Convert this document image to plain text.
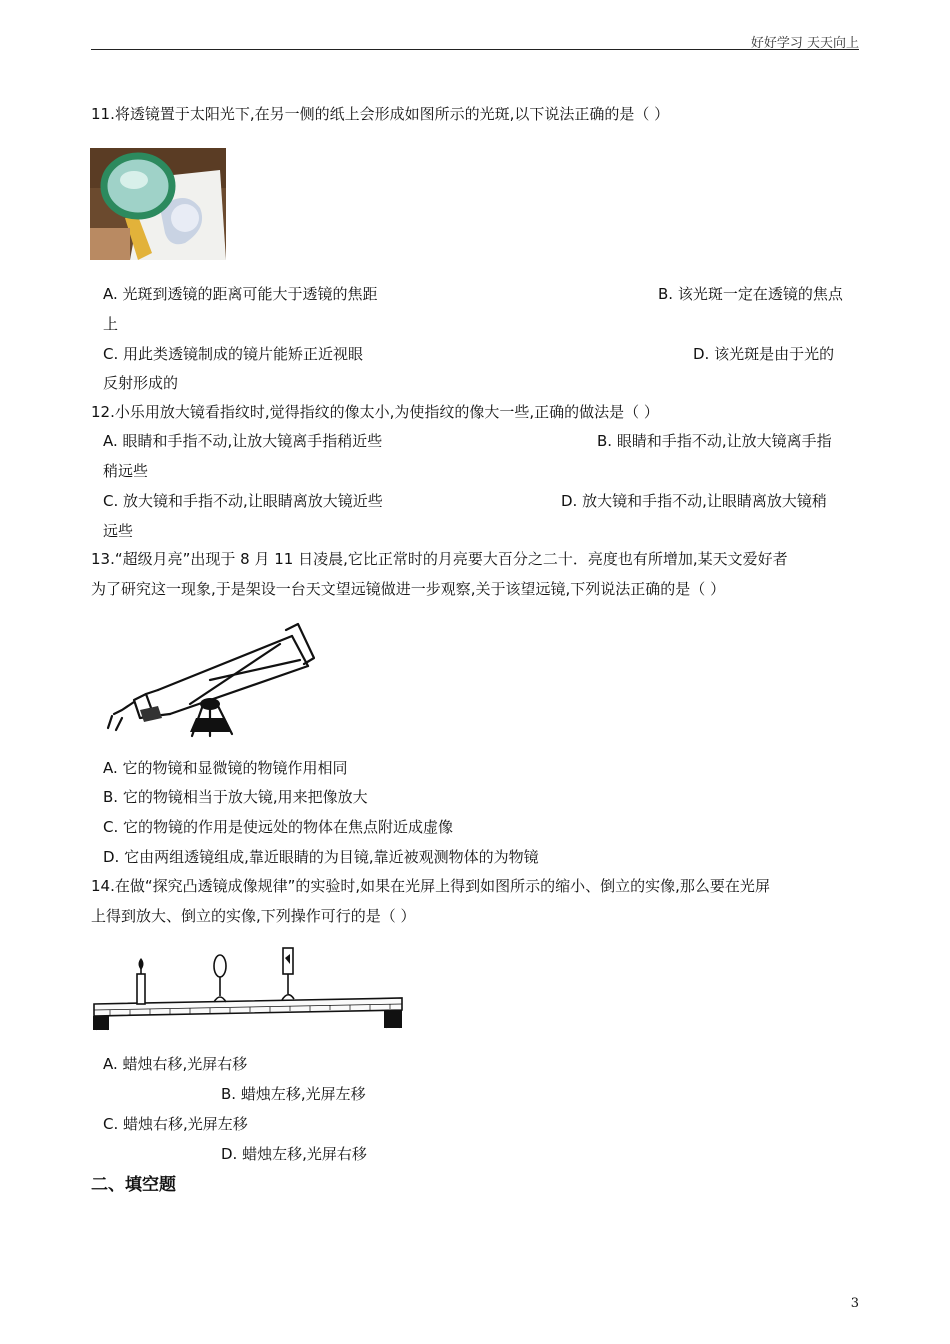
好好学习 天天向上
11.将透镜置于太阳光下,在另一侧的纸上会形成如图所示的光斑,以下说法正确的是（ ）
A. 光斑到透镜的距离可能大于透镜的焦距	B. 该光斑一定在透镜的焦点
上
C. 用此类透镜制成的镜片能矫正近视眼	D. 该光斑是由于光的
反射形成的
12.小乐用放大镜看指纹时,觉得指纹的像太小,为使指纹的像大一些,正确的做法是（ ）
A. 眼睛和手指不动,让放大镜离手指稍近些	B. 眼睛和手指不动,让放大镜离手指
稍远些
C. 放大镜和手指不动,让眼睛离放大镜近些	D. 放大镜和手指不动,让眼睛离放大镜稍
远些
13.“超级月亮”出现于 8 月 11 日凌晨,它比正常时的月亮要大百分之二十．亮度也有所增加,某天文爱好者
为了研究这一现象,于是架设一台天文望远镜做进一步观察,关于该望远镜,下列说法正确的是（ ）
A. 它的物镜和显微镜的物镜作用相同
B. 它的物镜相当于放大镜,用来把像放大
C. 它的物镜的作用是使远处的物体在焦点附近成虚像
D. 它由两组透镜组成,靠近眼睛的为目镜,靠近被观测物体的为物镜
14.在做“探究凸透镜成像规律”的实验时,如果在光屏上得到如图所示的缩小、倒立的实像,那么要在光屏
上得到放大、倒立的实像,下列操作可行的是（ ）
A. 蜡烛右移,光屏右移
B. 蜡烛左移,光屏左移
C. 蜡烛右移,光屏左移
D. 蜡烛左移,光屏右移
二、填空题
3
